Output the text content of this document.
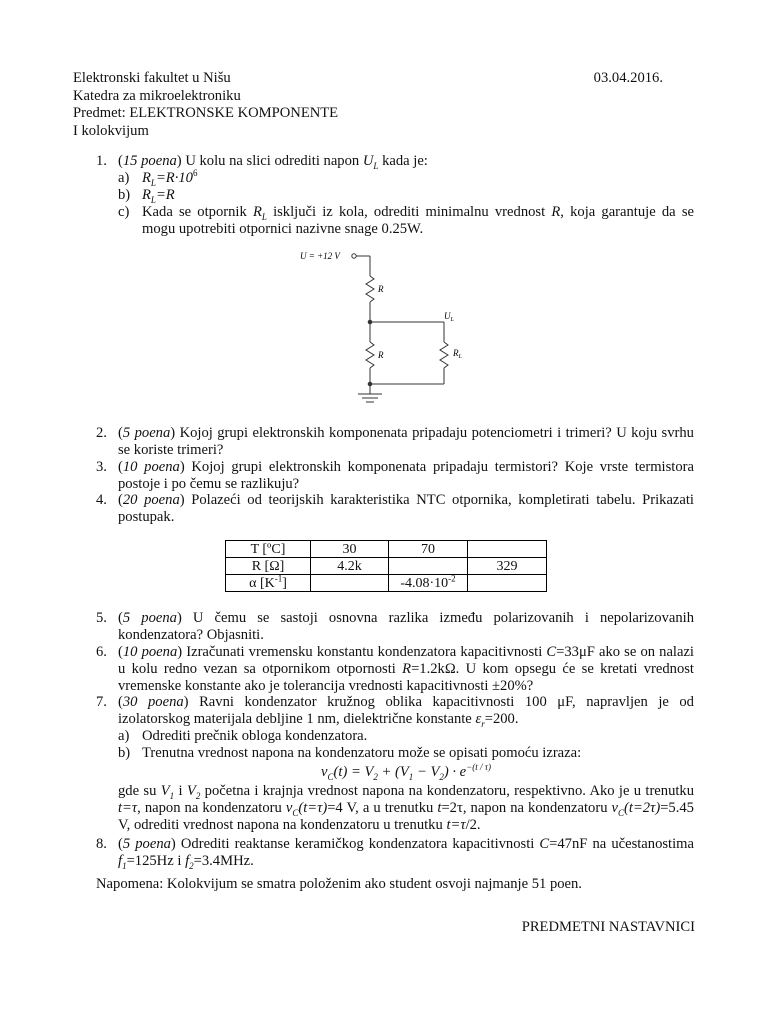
Elektronski fakultet u Nišu	03.04.2016.
Katedra za mikroelektroniku
Predmet: ELEKTRONSKE KOMPONENTE
I kolokvijum
1. (15 poena) U kolu na slici odrediti napon $U_L$ kada je:
a) $R_L=R\cdot 10^6$
b) $R_L=R$
c) Kada se otpornik $R_L$ isključi iz kola, odrediti minimalnu vrednost R, koja garantuje da se mogu upotrebiti otpornici nazivne snage 0.25W.
U = +12 V
R
R	$R_L$
$U_L$
2. (5 poena) Kojoj grupi elektronskih komponenata pripadaju potenciometri i trimeri? U koju svrhu se koriste trimeri?
3. (10 poena) Kojoj grupi elektronskih komponenata pripadaju termistori? Koje vrste termistora postoje i po čemu se razlikuju?
4. (20 poena) Polazeći od teorijskih karakteristika NTC otpornika, kompletirati tabelu. Prikazati postupak.
T [ºC]	30	70	
R [Ω]	4.2k		329
α $[K^{-1}]$		$-4.08\cdot 10^{-2}$	
5. (5 poena) U čemu se sastoji osnovna razlika između polarizovanih i nepolarizovanih kondenzatora? Objasniti.
6. (10 poena) Izračunati vremensku konstantu kondenzatora kapacitivnosti C=33μF ako se on nalazi u kolu redno vezan sa otpornikom otpornosti R=1.2kΩ. U kom opsegu će se kretati vrednost vremenske konstante ako je tolerancija vrednosti kapacitivnosti ±20%?
7. (30 poena) Ravni kondenzator kružnog oblika kapacitivnosti 100 μF, napravljen je od izolatorskog materijala debljine 1 nm, dielektrične konstante $\varepsilon_r=200$.
a) Odrediti prečnik obloga kondenzatora.
b) Trenutna vrednost napona na kondenzatoru može se opisati pomoću izraza:
$v_C(t) = V_2 + (V_1 - V_2) \cdot e^{-(t / \tau)}$
gde su $V_1$ i $V_2$ početna i krajnja vrednost napona na kondenzatoru, respektivno. Ako je u trenutku t=τ, napon na kondenzatoru $v_C(t=\tau)=4$ V, a u trenutku t=2τ, napon na kondenzatoru $v_C(t=2\tau)=5.45$ V, odrediti vrednost napona na kondenzatoru u trenutku t=τ/2.
8. (5 poena) Odrediti reaktanse keramičkog kondenzatora kapacitivnosti C=47nF na učestanostima $f_1=125Hz$ i $f_2=3.4MHz$.
Napomena: Kolokvijum se smatra položenim ako student osvoji najmanje 51 poen.
PREDMETNI NASTAVNICI
